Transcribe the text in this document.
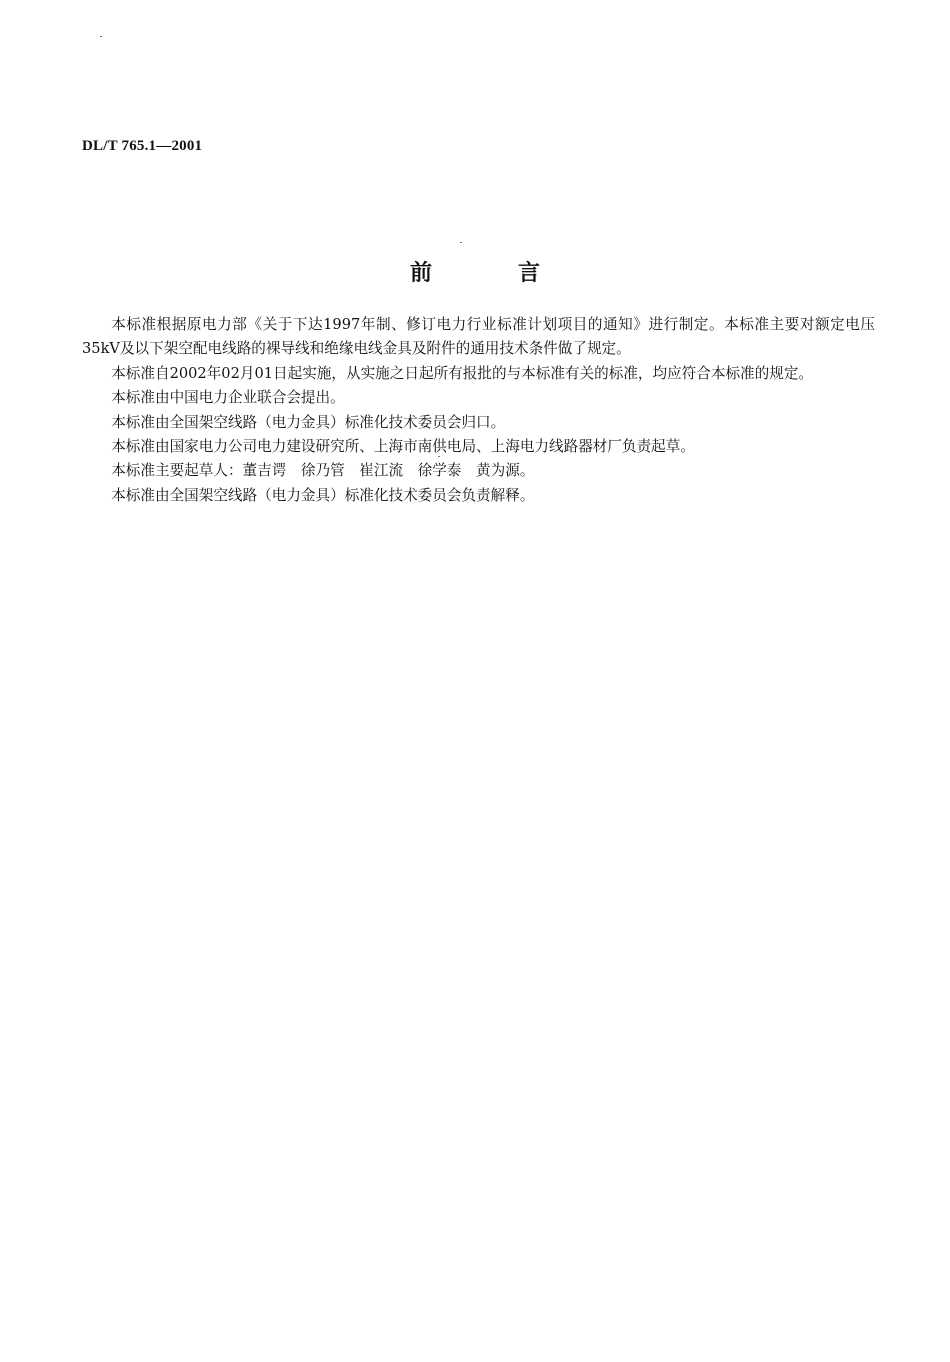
DL/T 765.1—2001
前	言

本标准根据原电力部《关于下达1997年制、修订电力行业标准计划项目的通知》进行制定。本标准主要对额定电压35kV及以下架空配电线路的裸导线和绝缘电线金具及附件的通用技术条件做了规定。

本标准自2002年02月01日起实施，从实施之日起所有报批的与本标准有关的标准，均应符合本标准的规定。

本标准由中国电力企业联合会提出。

本标准由全国架空线路（电力金具）标准化技术委员会归口。

本标准由国家电力公司电力建设研究所、上海市南供电局、上海电力线路器材厂负责起草。

本标准主要起草人：董吉谔　徐乃管　崔江流　徐学泰　黄为源。

本标准由全国架空线路（电力金具）标准化技术委员会负责解释。
